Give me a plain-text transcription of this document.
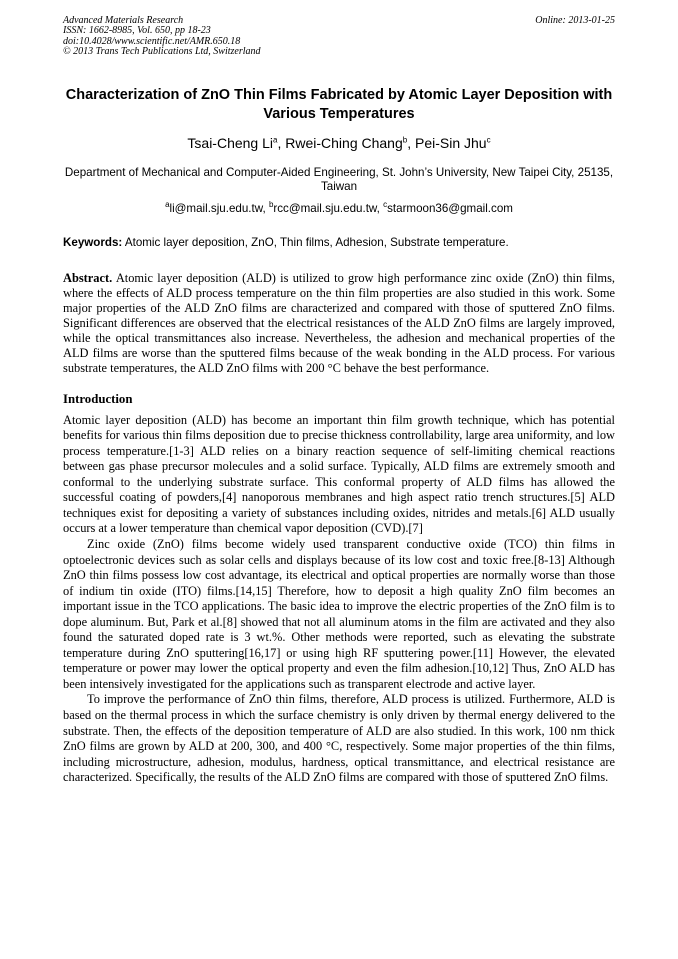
Advanced Materials Research
ISSN: 1662-8985, Vol. 650, pp 18-23
doi:10.4028/www.scientific.net/AMR.650.18
© 2013 Trans Tech Publications Ltd, Switzerland
Online: 2013-01-25
Characterization of ZnO Thin Films Fabricated by Atomic Layer Deposition with Various Temperatures
Tsai-Cheng Li$^a$, Rwei-Ching Chang$^b$, Pei-Sin Jhu$^c$
Department of Mechanical and Computer-Aided Engineering, St. John’s University, New Taipei City, 25135, Taiwan
$^a$li@mail.sju.edu.tw, $^b$rcc@mail.sju.edu.tw, $^c$starmoon36@gmail.com
Keywords: Atomic layer deposition, ZnO, Thin films, Adhesion, Substrate temperature.
Abstract. Atomic layer deposition (ALD) is utilized to grow high performance zinc oxide (ZnO) thin films, where the effects of ALD process temperature on the thin film properties are also studied in this work. Some major properties of the ALD ZnO films are characterized and compared with those of sputtered ZnO films. Significant differences are observed that the electrical resistances of the ALD ZnO films are largely improved, while the optical transmittances also increase. Nevertheless, the adhesion and mechanical properties of the ALD films are worse than the sputtered films because of the weak bonding in the ALD process. For various substrate temperatures, the ALD ZnO films with 200 °C behave the best performance.
Introduction

Atomic layer deposition (ALD) has become an important thin film growth technique, which has potential benefits for various thin films deposition due to precise thickness controllability, large area uniformity, and low process temperature.[1-3] ALD relies on a binary reaction sequence of self-limiting chemical reactions between gas phase precursor molecules and a solid surface. Typically, ALD films are extremely smooth and conformal to the underlying substrate surface. This conformal property of ALD films has allowed the successful coating of powders,[4] nanoporous membranes and high aspect ratio trench structures.[5] ALD techniques exist for depositing a variety of substances including oxides, nitrides and metals.[6] ALD usually occurs at a lower temperature than chemical vapor deposition (CVD).[7]

Zinc oxide (ZnO) films become widely used transparent conductive oxide (TCO) thin films in optoelectronic devices such as solar cells and displays because of its low cost and toxic free.[8-13] Although ZnO thin films possess low cost advantage, its electrical and optical properties are normally worse than those of indium tin oxide (ITO) films.[14,15] Therefore, how to deposit a high quality ZnO film becomes an important issue in the TCO applications. The basic idea to improve the electric properties of the ZnO film is to dope aluminum. But, Park et al.[8] showed that not all aluminum atoms in the film are activated and they also found the saturated doped rate is 3 wt.%. Other methods were reported, such as elevating the substrate temperature during ZnO sputtering[16,17] or using high RF sputtering power.[11] However, the elevated temperature or power may lower the optical property and even the film adhesion.[10,12] Thus, ZnO ALD has been intensively investigated for the applications such as transparent electrode and active layer.

To improve the performance of ZnO thin films, therefore, ALD process is utilized. Furthermore, ALD is based on the thermal process in which the surface chemistry is only driven by thermal energy delivered to the substrate. Then, the effects of the deposition temperature of ALD are also studied. In this work, 100 nm thick ZnO films are grown by ALD at 200, 300, and 400 °C, respectively. Some major properties of the thin films, including microstructure, adhesion, modulus, hardness, optical transmittance, and electrical resistance are characterized. Specifically, the results of the ALD ZnO films are compared with those of sputtered ZnO films.
